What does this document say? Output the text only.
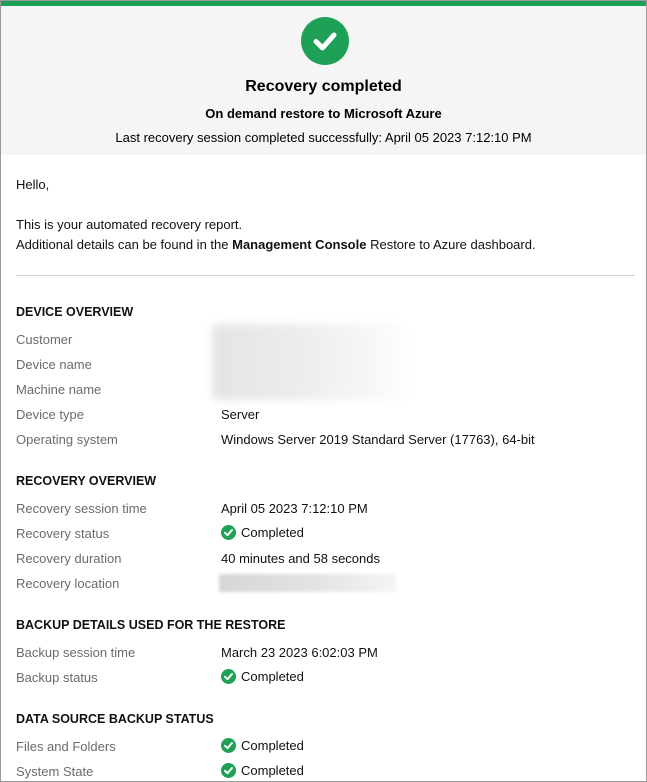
Recovery completed
On demand restore to Microsoft Azure
Last recovery session completed successfully: April 05 2023 7:12:10 PM
Hello,
This is your automated recovery report.
Additional details can be found in the Management Console Restore to Azure dashboard.
DEVICE OVERVIEW
Customer
Device name
Machine name
Device type	Server
Operating system	Windows Server 2019 Standard Server (17763), 64-bit
RECOVERY OVERVIEW
Recovery session time	April 05 2023 7:12:10 PM
Recovery status	Completed
Recovery duration	40 minutes and 58 seconds
Recovery location
BACKUP DETAILS USED FOR THE RESTORE
Backup session time	March 23 2023 6:02:03 PM
Backup status	Completed
DATA SOURCE BACKUP STATUS
Files and Folders	Completed
System State	Completed
